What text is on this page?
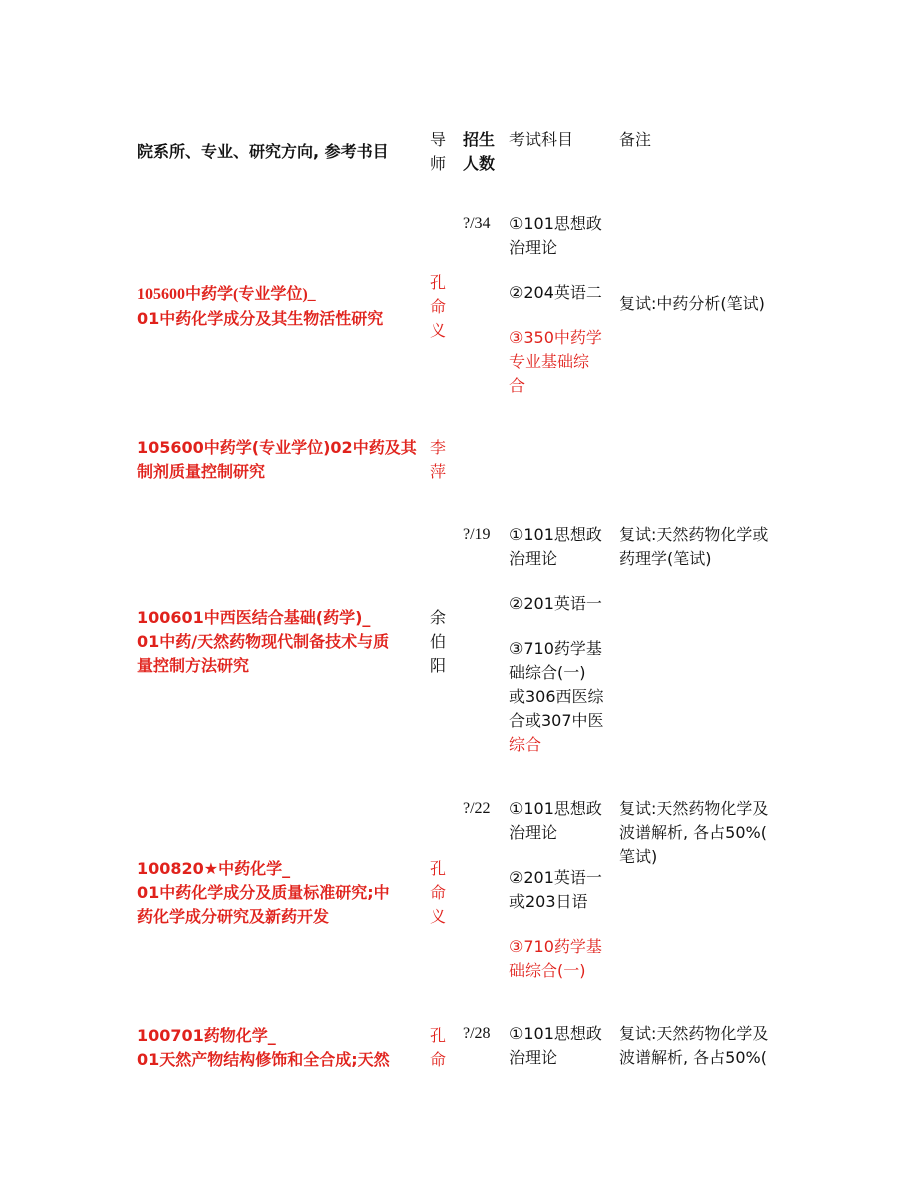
院系所、专业、研究方向, 参考书目
导
师
招生
人数
考试科目	备注
105600中药学(专业学位)_
01中药化学成分及其生物活性研究
孔
命
义
?/34 ①101思想政
治理论

②204英语二

③350中药学
专业基础综
合

复试:中药分析(笔试)
105600中药学(专业学位)02中药及其
制剂质量控制研究
李
萍
100601中西医结合基础(药学)_
01中药/天然药物现代制备技术与质
量控制方法研究
余
伯
阳
?/19 ①101思想政
治理论

②201英语一

③710药学基
础综合(一)
或306西医综
合或307中医
综合

复试:天然药物化学或
药理学(笔试)
100820★中药化学_
01中药化学成分及质量标准研究;中
药化学成分研究及新药开发
孔
命
义
?/22 ①101思想政
治理论

②201英语一
或203日语

③710药学基
础综合(一)

复试:天然药物化学及
波谱解析, 各占50%(
笔试)
100701药物化学_
01天然产物结构修饰和全合成;天然
孔
命
?/28 ①101思想政
治理论

复试:天然药物化学及
波谱解析, 各占50%(
